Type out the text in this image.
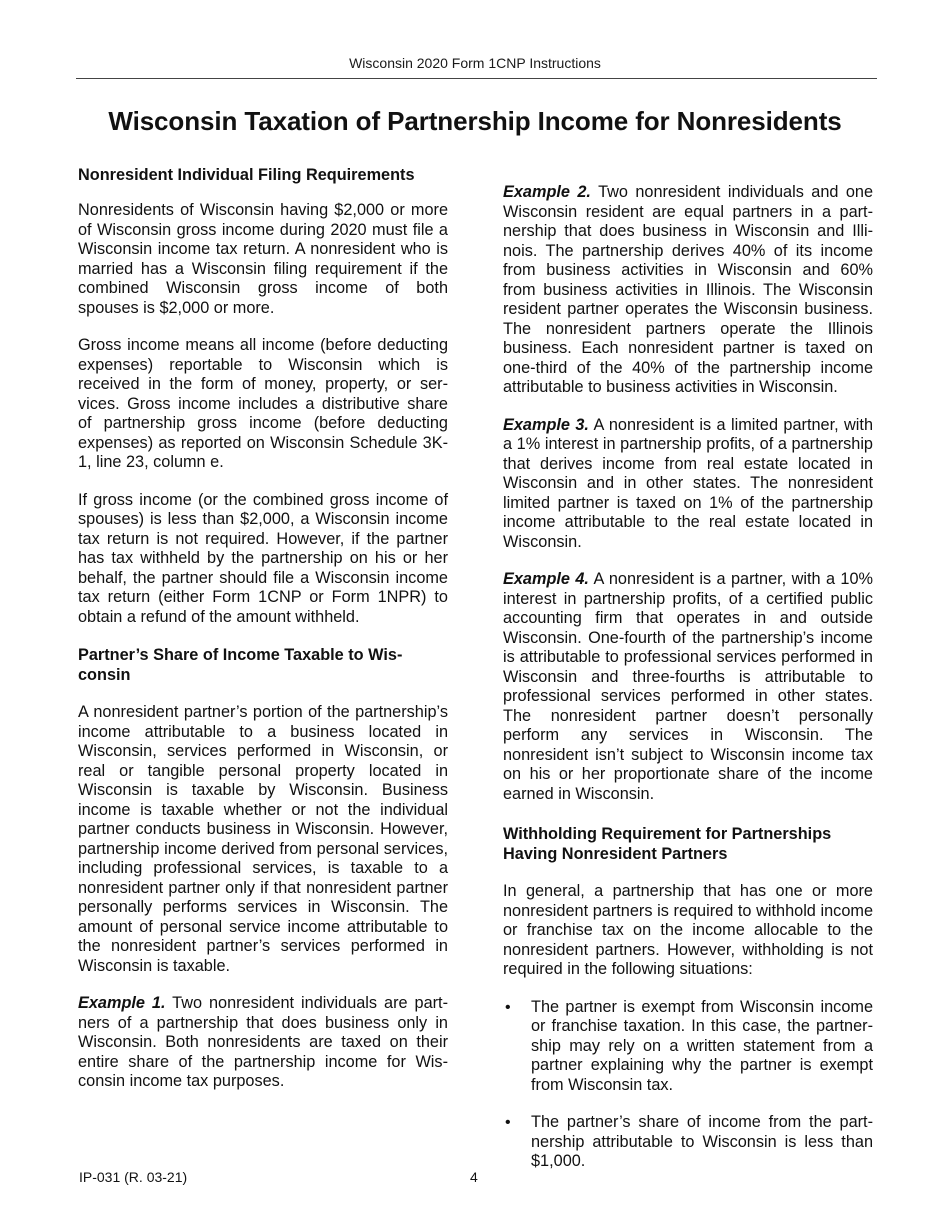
Wisconsin 2020 Form 1CNP Instructions
Wisconsin Taxation of Partnership Income for Nonresidents
Nonresident Individual Filing Requirements

Nonresidents of Wisconsin having $2,000 or more of Wisconsin gross income during 2020 must file a Wisconsin income tax return. A nonresident who is married has a Wisconsin filing requirement if the combined Wisconsin gross income of both spouses is $2,000 or more.

Gross income means all income (before deducting expenses) reportable to Wisconsin which is received in the form of money, property, or services. Gross income includes a distributive share of partnership gross income (before deducting expenses) as reported on Wisconsin Schedule 3K-1, line 23, column e.

If gross income (or the combined gross income of spouses) is less than $2,000, a Wisconsin income tax return is not required. However, if the partner has tax withheld by the partnership on his or her behalf, the partner should file a Wisconsin income tax return (either Form 1CNP or Form 1NPR) to obtain a refund of the amount withheld.

Partner’s Share of Income Taxable to Wisconsin

A nonresident partner’s portion of the partnership’s income attributable to a business located in Wisconsin, services performed in Wisconsin, or real or tangible personal property located in Wisconsin is taxable by Wisconsin. Business income is taxable whether or not the individual partner conducts business in Wisconsin. However, partnership income derived from personal services, including professional services, is taxable to a nonresident partner only if that nonresident partner personally performs services in Wisconsin. The amount of personal service income attributable to the nonresident partner’s services performed in Wisconsin is taxable.

Example 1. Two nonresident individuals are partners of a partnership that does business only in Wisconsin. Both nonresidents are taxed on their entire share of the partnership income for Wisconsin income tax purposes.

Example 2. Two nonresident individuals and one Wisconsin resident are equal partners in a partnership that does business in Wisconsin and Illinois. The partnership derives 40% of its income from business activities in Wisconsin and 60% from business activities in Illinois. The Wisconsin resident partner operates the Wisconsin business. The nonresident partners operate the Illinois business. Each nonresident partner is taxed on one-third of the 40% of the partnership income attributable to business activities in Wisconsin.

Example 3. A nonresident is a limited partner, with a 1% interest in partnership profits, of a partnership that derives income from real estate located in Wisconsin and in other states. The nonresident limited partner is taxed on 1% of the partnership income attributable to the real estate located in Wisconsin.

Example 4. A nonresident is a partner, with a 10% interest in partnership profits, of a certified public accounting firm that operates in and outside Wisconsin. One-fourth of the partnership’s income is attributable to professional services performed in Wisconsin and three-fourths is attributable to professional services performed in other states. The nonresident partner doesn’t personally perform any services in Wisconsin. The nonresident isn’t subject to Wisconsin income tax on his or her proportionate share of the income earned in Wisconsin.

Withholding Requirement for Partnerships Having Nonresident Partners

In general, a partnership that has one or more nonresident partners is required to withhold income or franchise tax on the income allocable to the nonresident partners. However, withholding is not required in the following situations:

• The partner is exempt from Wisconsin income or franchise taxation. In this case, the partnership may rely on a written statement from a partner explaining why the partner is exempt from Wisconsin tax.
• The partner’s share of income from the partnership attributable to Wisconsin is less than $1,000.
IP-031 (R. 03-21)	4
